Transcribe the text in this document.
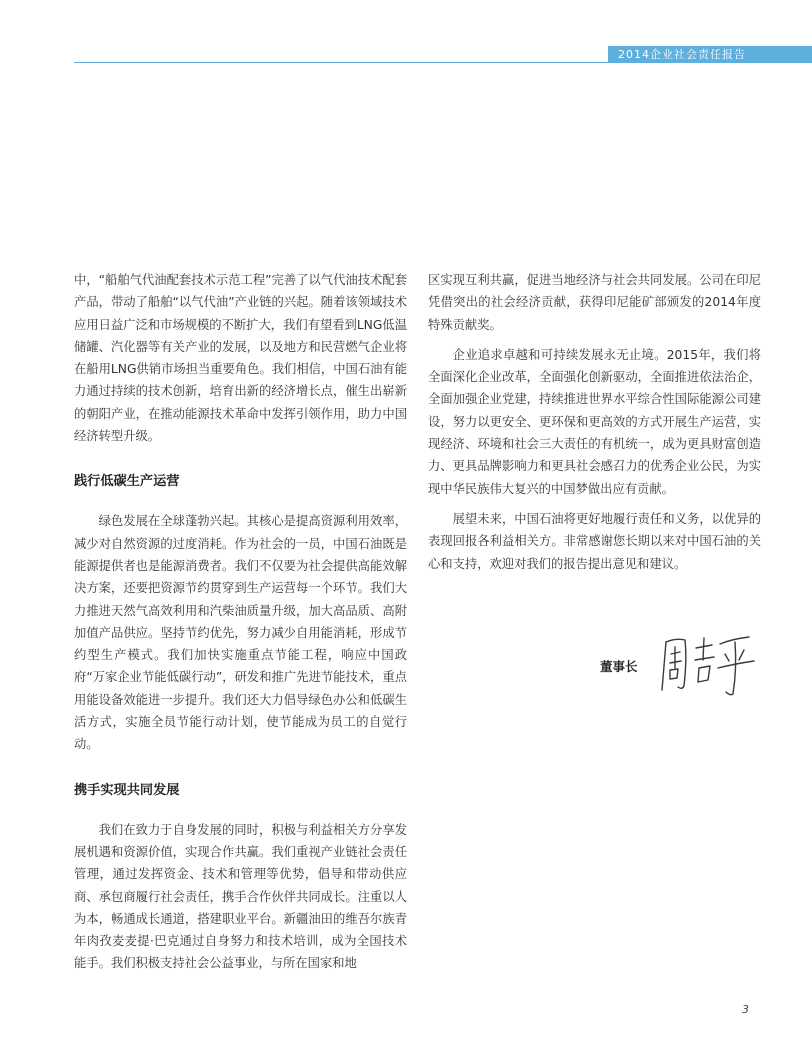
2014企业社会责任报告

中，“船舶气代油配套技术示范工程”完善了以气代油技术配套产品，带动了船舶“以气代油”产业链的兴起。随着该领域技术应用日益广泛和市场规模的不断扩大，我们有望看到LNG低温储罐、汽化器等有关产业的发展，以及地方和民营燃气企业将在船用LNG供销市场担当重要角色。我们相信，中国石油有能力通过持续的技术创新，培育出新的经济增长点，催生出崭新的朝阳产业，在推动能源技术革命中发挥引领作用，助力中国经济转型升级。

践行低碳生产运营

绿色发展在全球蓬勃兴起。其核心是提高资源利用效率，减少对自然资源的过度消耗。作为社会的一员，中国石油既是能源提供者也是能源消费者。我们不仅要为社会提供高能效解决方案，还要把资源节约贯穿到生产运营每一个环节。我们大力推进天然气高效利用和汽柴油质量升级，加大高品质、高附加值产品供应。坚持节约优先，努力减少自用能消耗，形成节约型生产模式。我们加快实施重点节能工程，响应中国政府“万家企业节能低碳行动”，研发和推广先进节能技术，重点用能设备效能进一步提升。我们还大力倡导绿色办公和低碳生活方式，实施全员节能行动计划，使节能成为员工的自觉行动。

携手实现共同发展

我们在致力于自身发展的同时，积极与利益相关方分享发展机遇和资源价值，实现合作共赢。我们重视产业链社会责任管理，通过发挥资金、技术和管理等优势，倡导和带动供应商、承包商履行社会责任，携手合作伙伴共同成长。注重以人为本，畅通成长通道，搭建职业平台。新疆油田的维吾尔族青年肉孜麦麦提·巴克通过自身努力和技术培训，成为全国技术能手。我们积极支持社会公益事业，与所在国家和地

区实现互利共赢，促进当地经济与社会共同发展。公司在印尼凭借突出的社会经济贡献，获得印尼能矿部颁发的2014年度特殊贡献奖。

企业追求卓越和可持续发展永无止境。2015年，我们将全面深化企业改革，全面强化创新驱动，全面推进依法治企，全面加强企业党建，持续推进世界水平综合性国际能源公司建设，努力以更安全、更环保和更高效的方式开展生产运营，实现经济、环境和社会三大责任的有机统一，成为更具财富创造力、更具品牌影响力和更具社会感召力的优秀企业公民，为实现中华民族伟大复兴的中国梦做出应有贡献。

展望未来，中国石油将更好地履行责任和义务，以优异的表现回报各利益相关方。非常感谢您长期以来对中国石油的关心和支持，欢迎对我们的报告提出意见和建议。

董事长
3
